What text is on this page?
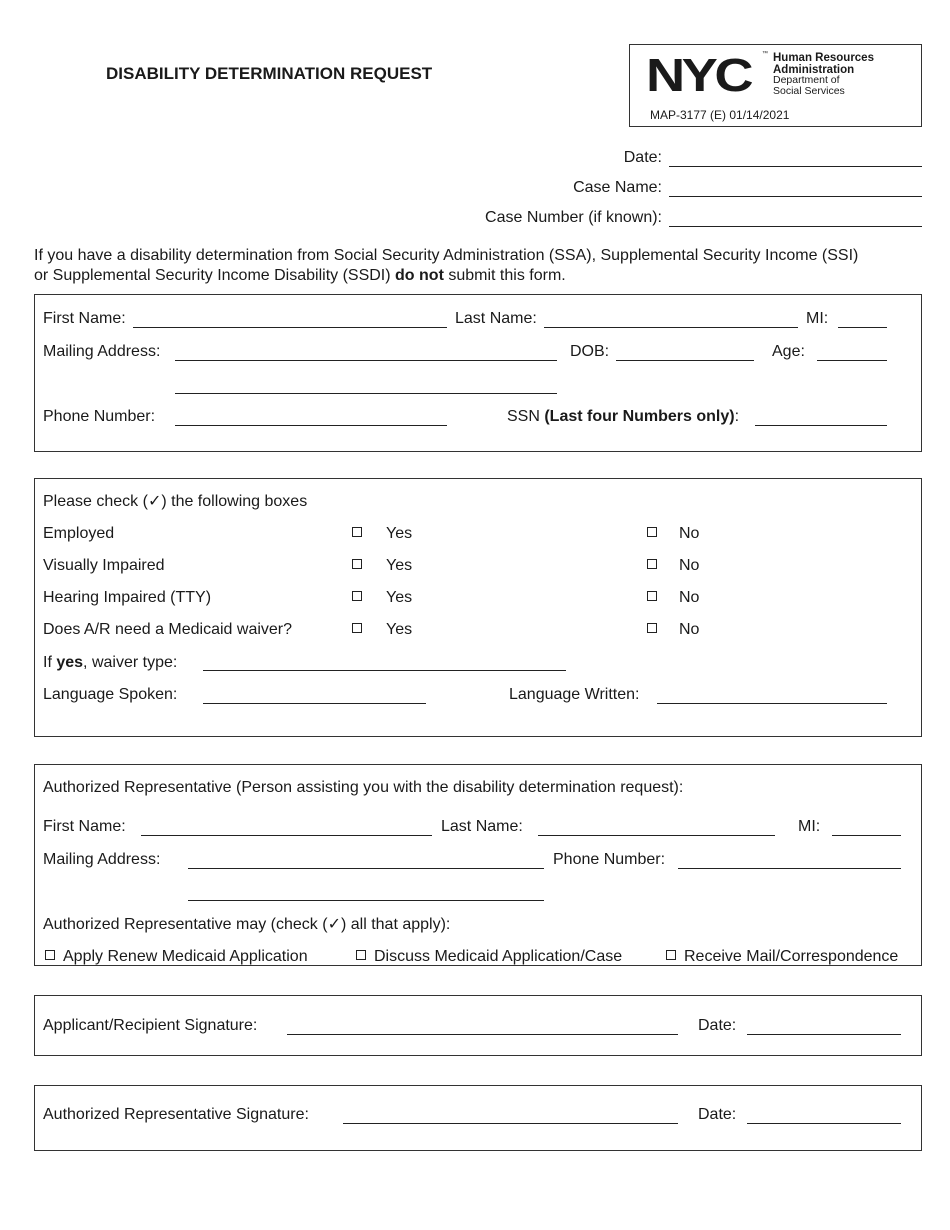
DISABILITY DETERMINATION REQUEST	NYC ™ Human Resources
Administration
Department of
Social Services
MAP-3177 (E) 01/14/2021
Date:
Case Name:
Case Number (if known):
If you have a disability determination from Social Security Administration (SSA), Supplemental Security Income (SSI)
or Supplemental Security Income Disability (SSDI) do not submit this form.
First Name:	Last Name:	MI:
Mailing Address:	DOB:	Age:
Phone Number:	SSN (Last four Numbers only):
Please check (✓) the following boxes
Employed	Yes	No
Visually Impaired	Yes	No
Hearing Impaired (TTY)	Yes	No
Does A/R need a Medicaid waiver?	Yes	No
If yes, waiver type:
Language Spoken:	Language Written:
Authorized Representative (Person assisting you with the disability determination request):
First Name:	Last Name:	MI:
Mailing Address:	Phone Number:
Authorized Representative may (check (✓) all that apply):
Apply Renew Medicaid Application	Discuss Medicaid Application/Case	Receive Mail/Correspondence
Applicant/Recipient Signature:	Date:
Authorized Representative Signature:	Date:
